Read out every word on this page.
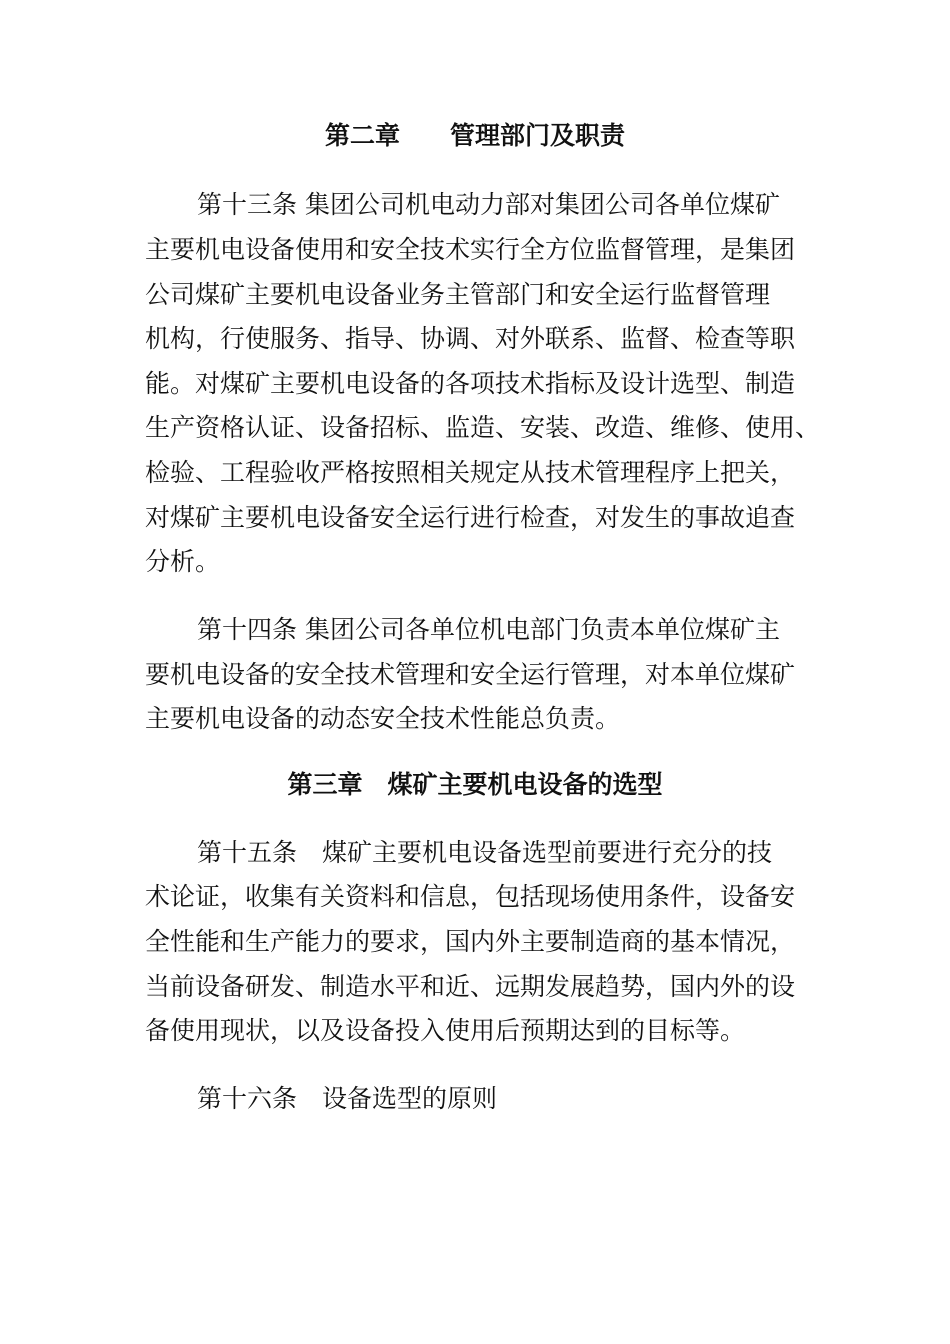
第二章　　管理部门及职责
第十三条 集团公司机电动力部对集团公司各单位煤矿
主要机电设备使用和安全技术实行全方位监督管理，是集团
公司煤矿主要机电设备业务主管部门和安全运行监督管理
机构，行使服务、指导、协调、对外联系、监督、检查等职
能。对煤矿主要机电设备的各项技术指标及设计选型、制造
生产资格认证、设备招标、监造、安装、改造、维修、使用、
检验、工程验收严格按照相关规定从技术管理程序上把关，
对煤矿主要机电设备安全运行进行检查，对发生的事故追查
分析。
第十四条 集团公司各单位机电部门负责本单位煤矿主
要机电设备的安全技术管理和安全运行管理，对本单位煤矿
主要机电设备的动态安全技术性能总负责。
第三章　煤矿主要机电设备的选型
第十五条　煤矿主要机电设备选型前要进行充分的技
术论证，收集有关资料和信息，包括现场使用条件，设备安
全性能和生产能力的要求，国内外主要制造商的基本情况，
当前设备研发、制造水平和近、远期发展趋势，国内外的设
备使用现状，以及设备投入使用后预期达到的目标等。
第十六条　设备选型的原则
